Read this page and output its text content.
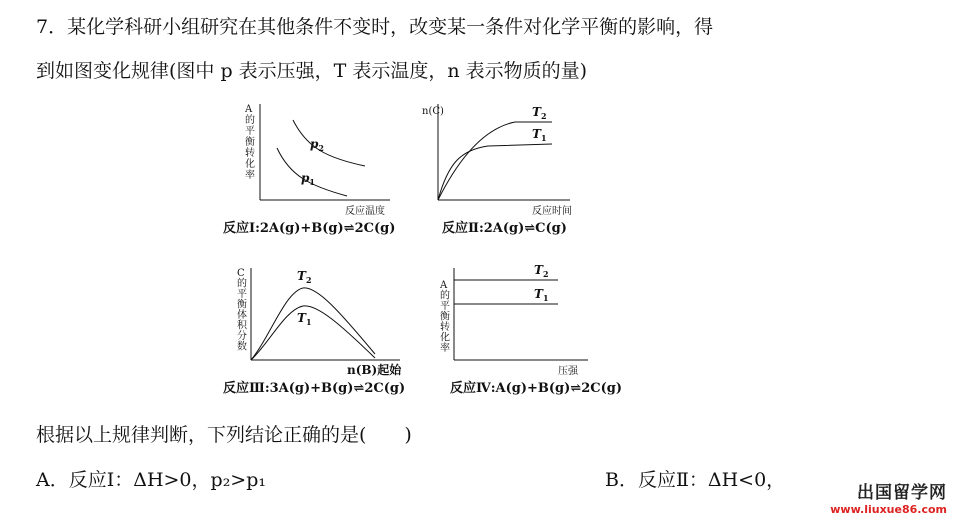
7．某化学科研小组研究在其他条件不变时，改变某一条件对化学平衡的影响，得
到如图变化规律(图中 p 表示压强，T 表示温度，n 表示物质的量)
A 的平衡转化率
$p_2$
$p_1$
反应温度
反应Ⅰ:2A(g)+B(g)⇌2C(g)
n(C)	$T_2$
$T_1$
反应时间
反应Ⅱ:2A(g)⇌C(g)
C 的平衡体积分数
$T_2$
$T_1$
n(B)起始
反应Ⅲ:3A(g)+B(g)⇌2C(g)
A 的平衡转化率
$T_2$
$T_1$
压强
反应Ⅳ:A(g)+B(g)⇌2C(g)
根据以上规律判断，下列结论正确的是(　　)
A．反应Ⅰ：ΔH>0，p₂>p₁	B．反应Ⅱ：ΔH<0，
出国留学网
www.liuxue86.com
